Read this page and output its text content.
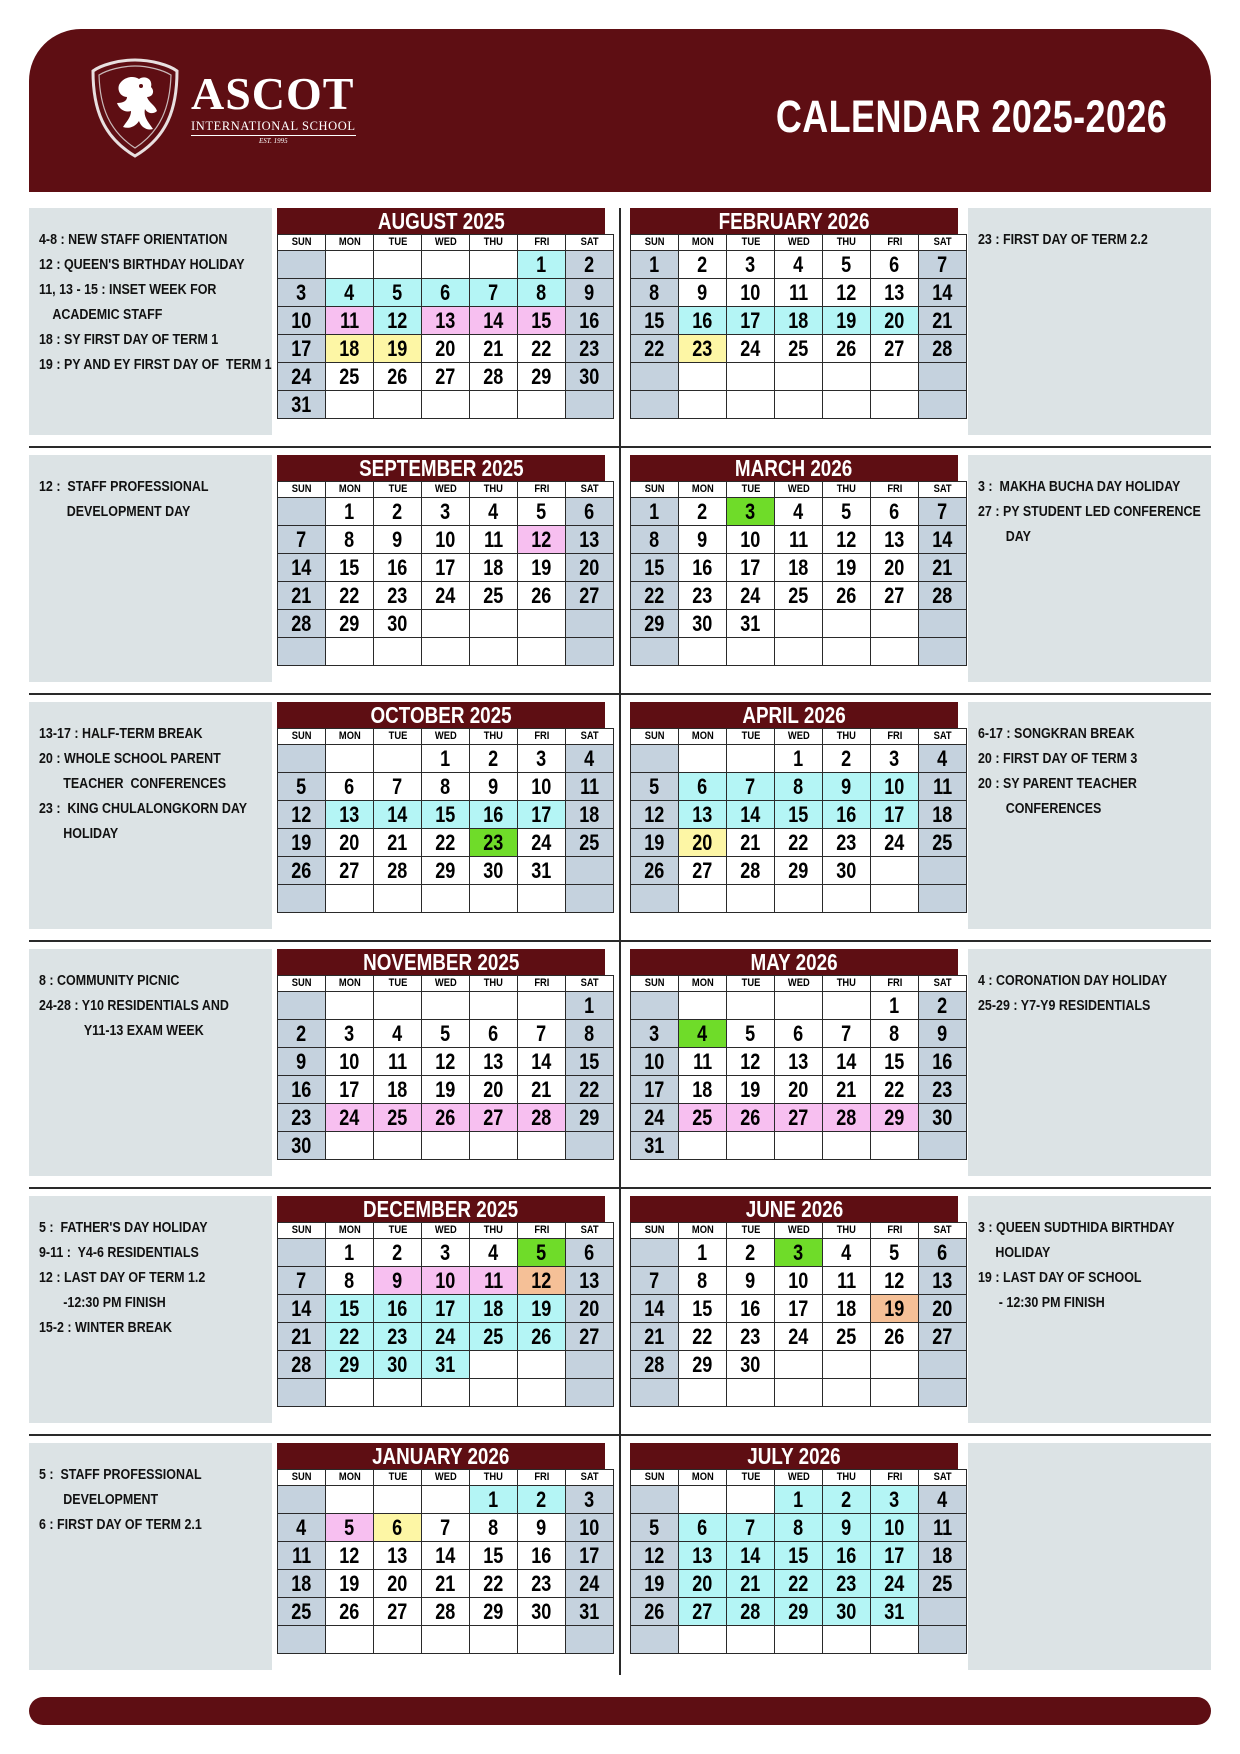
ASCOT
INTERNATIONAL SCHOOL
EST. 1995	CALENDAR 2025-2026
4-8 : NEW STAFF ORIENTATION
12 : QUEEN'S BIRTHDAY HOLIDAY
11, 13 - 15 : INSET WEEK FOR
ACADEMIC STAFF
18 : SY FIRST DAY OF TERM 1
19 : PY AND EY FIRST DAY OF  TERM 1
AUGUST 2025
SUN	MON	TUE	WED	THU	FRI	SAT
					1	2
3	4	5	6	7	8	9
10	11	12	13	14	15	16
17	18	19	20	21	22	23
24	25	26	27	28	29	30
31						
12 :  STAFF PROFESSIONAL
DEVELOPMENT DAY
SEPTEMBER 2025
SUN	MON	TUE	WED	THU	FRI	SAT
	1	2	3	4	5	6
7	8	9	10	11	12	13
14	15	16	17	18	19	20
21	22	23	24	25	26	27
28	29	30				

13-17 : HALF-TERM BREAK
20 : WHOLE SCHOOL PARENT
TEACHER  CONFERENCES
23 :  KING CHULALONGKORN DAY
HOLIDAY
OCTOBER 2025
SUN	MON	TUE	WED	THU	FRI	SAT
			1	2	3	4
5	6	7	8	9	10	11
12	13	14	15	16	17	18
19	20	21	22	23	24	25
26	27	28	29	30	31	

8 : COMMUNITY PICNIC
24-28 : Y10 RESIDENTIALS AND
Y11-13 EXAM WEEK
NOVEMBER 2025
SUN	MON	TUE	WED	THU	FRI	SAT
						1
2	3	4	5	6	7	8
9	10	11	12	13	14	15
16	17	18	19	20	21	22
23	24	25	26	27	28	29
30						
5 :  FATHER'S DAY HOLIDAY
9-11 :  Y4-6 RESIDENTIALS
12 : LAST DAY OF TERM 1.2
-12:30 PM FINISH
15-2 : WINTER BREAK
DECEMBER 2025
SUN	MON	TUE	WED	THU	FRI	SAT
	1	2	3	4	5	6
7	8	9	10	11	12	13
14	15	16	17	18	19	20
21	22	23	24	25	26	27
28	29	30	31			

5 :  STAFF PROFESSIONAL
DEVELOPMENT
6 : FIRST DAY OF TERM 2.1
JANUARY 2026
SUN	MON	TUE	WED	THU	FRI	SAT
				1	2	3
4	5	6	7	8	9	10
11	12	13	14	15	16	17
18	19	20	21	22	23	24
25	26	27	28	29	30	31

23 : FIRST DAY OF TERM 2.2
FEBRUARY 2026
SUN	MON	TUE	WED	THU	FRI	SAT
1	2	3	4	5	6	7
8	9	10	11	12	13	14
15	16	17	18	19	20	21
22	23	24	25	26	27	28

3 :  MAKHA BUCHA DAY HOLIDAY
27 : PY STUDENT LED CONFERENCE
DAY
MARCH 2026
SUN	MON	TUE	WED	THU	FRI	SAT
1	2	3	4	5	6	7
8	9	10	11	12	13	14
15	16	17	18	19	20	21
22	23	24	25	26	27	28
29	30	31				

6-17 : SONGKRAN BREAK
20 : FIRST DAY OF TERM 3
20 : SY PARENT TEACHER
CONFERENCES
APRIL 2026
SUN	MON	TUE	WED	THU	FRI	SAT
			1	2	3	4
5	6	7	8	9	10	11
12	13	14	15	16	17	18
19	20	21	22	23	24	25
26	27	28	29	30		

4 : CORONATION DAY HOLIDAY
25-29 : Y7-Y9 RESIDENTIALS
MAY 2026
SUN	MON	TUE	WED	THU	FRI	SAT
					1	2
3	4	5	6	7	8	9
10	11	12	13	14	15	16
17	18	19	20	21	22	23
24	25	26	27	28	29	30
31						
3 : QUEEN SUDTHIDA BIRTHDAY
HOLIDAY
19 : LAST DAY OF SCHOOL
- 12:30 PM FINISH
JUNE 2026
SUN	MON	TUE	WED	THU	FRI	SAT
	1	2	3	4	5	6
7	8	9	10	11	12	13
14	15	16	17	18	19	20
21	22	23	24	25	26	27
28	29	30				

JULY 2026
SUN	MON	TUE	WED	THU	FRI	SAT
			1	2	3	4
5	6	7	8	9	10	11
12	13	14	15	16	17	18
19	20	21	22	23	24	25
26	27	28	29	30	31	
